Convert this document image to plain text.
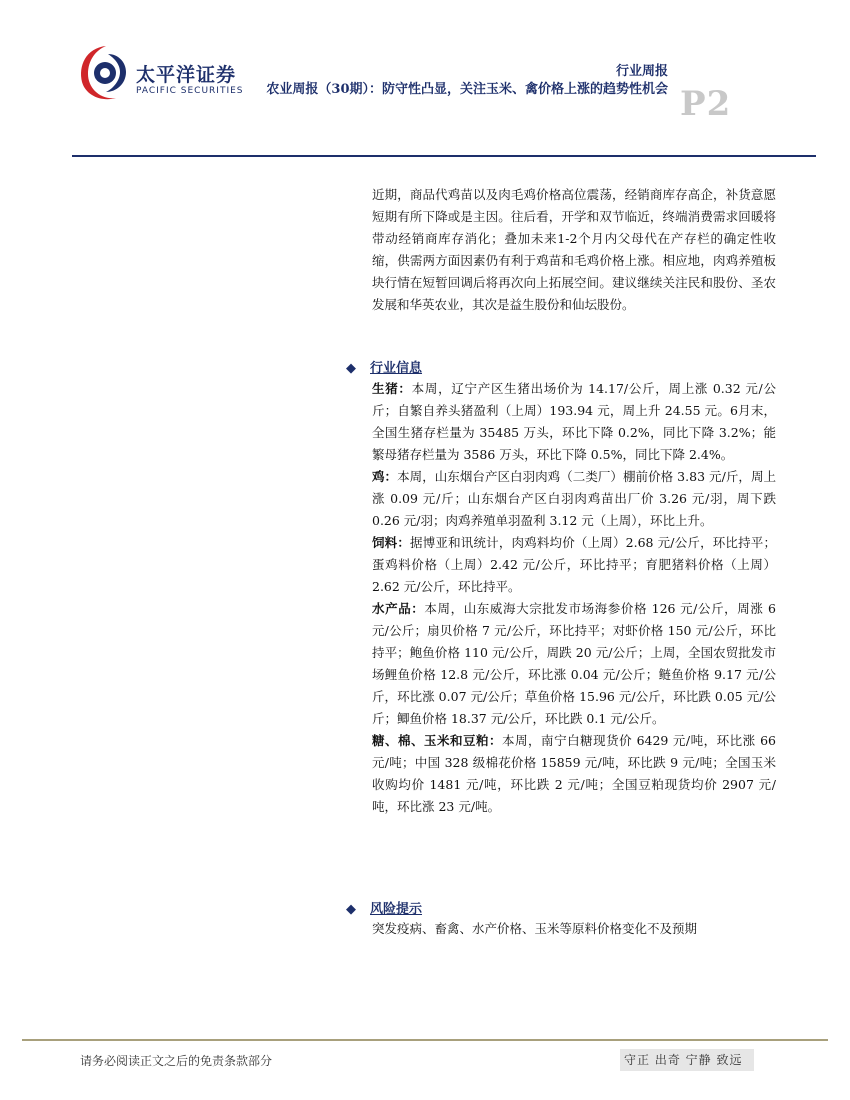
太平洋证券
PACIFIC SECURITIES
行业周报
农业周报（30期）：防守性凸显，关注玉米、禽价格上涨的趋势性机会 P2
近期，商品代鸡苗以及肉毛鸡价格高位震荡，经销商库存高企，补货意愿短期有所下降或是主因。往后看，开学和双节临近，终端消费需求回暖将带动经销商库存消化；叠加未来1-2个月内父母代在产存栏的确定性收缩，供需两方面因素仍有利于鸡苗和毛鸡价格上涨。相应地，肉鸡养殖板块行情在短暂回调后将再次向上拓展空间。建议继续关注民和股份、圣农发展和华英农业，其次是益生股份和仙坛股份。
◆ 行业信息

生猪：本周，辽宁产区生猪出场价为 14.17/公斤，周上涨 0.32 元/公斤；自繁自养头猪盈利（上周）193.94 元，周上升 24.55 元。6月末，全国生猪存栏量为 35485 万头，环比下降 0.2%，同比下降 3.2%；能繁母猪存栏量为 3586 万头，环比下降 0.5%，同比下降 2.4%。

鸡：本周，山东烟台产区白羽肉鸡（二类厂）棚前价格 3.83 元/斤，周上涨 0.09 元/斤；山东烟台产区白羽肉鸡苗出厂价 3.26 元/羽，周下跌 0.26 元/羽；肉鸡养殖单羽盈利 3.12 元（上周），环比上升。

饲料：据博亚和讯统计，肉鸡料均价（上周）2.68 元/公斤，环比持平；蛋鸡料价格（上周）2.42 元/公斤，环比持平；育肥猪料价格（上周）2.62 元/公斤，环比持平。

水产品：本周，山东威海大宗批发市场海参价格 126 元/公斤，周涨 6 元/公斤；扇贝价格 7 元/公斤，环比持平；对虾价格 150 元/公斤，环比持平；鲍鱼价格 110 元/公斤，周跌 20 元/公斤；上周，全国农贸批发市场鲤鱼价格 12.8 元/公斤，环比涨 0.04 元/公斤；鲢鱼价格 9.17 元/公斤，环比涨 0.07 元/公斤；草鱼价格 15.96 元/公斤，环比跌 0.05 元/公斤；鲫鱼价格 18.37 元/公斤，环比跌 0.1 元/公斤。

糖、棉、玉米和豆粕：本周，南宁白糖现货价 6429 元/吨，环比涨 66 元/吨；中国 328 级棉花价格 15859 元/吨，环比跌 9 元/吨；全国玉米收购均价 1481 元/吨，环比跌 2 元/吨；全国豆粕现货均价 2907 元/吨，环比涨 23 元/吨。

◆ 风险提示
突发疫病、畜禽、水产价格、玉米等原料价格变化不及预期
请务必阅读正文之后的免责条款部分	守正 出奇 宁静 致远
